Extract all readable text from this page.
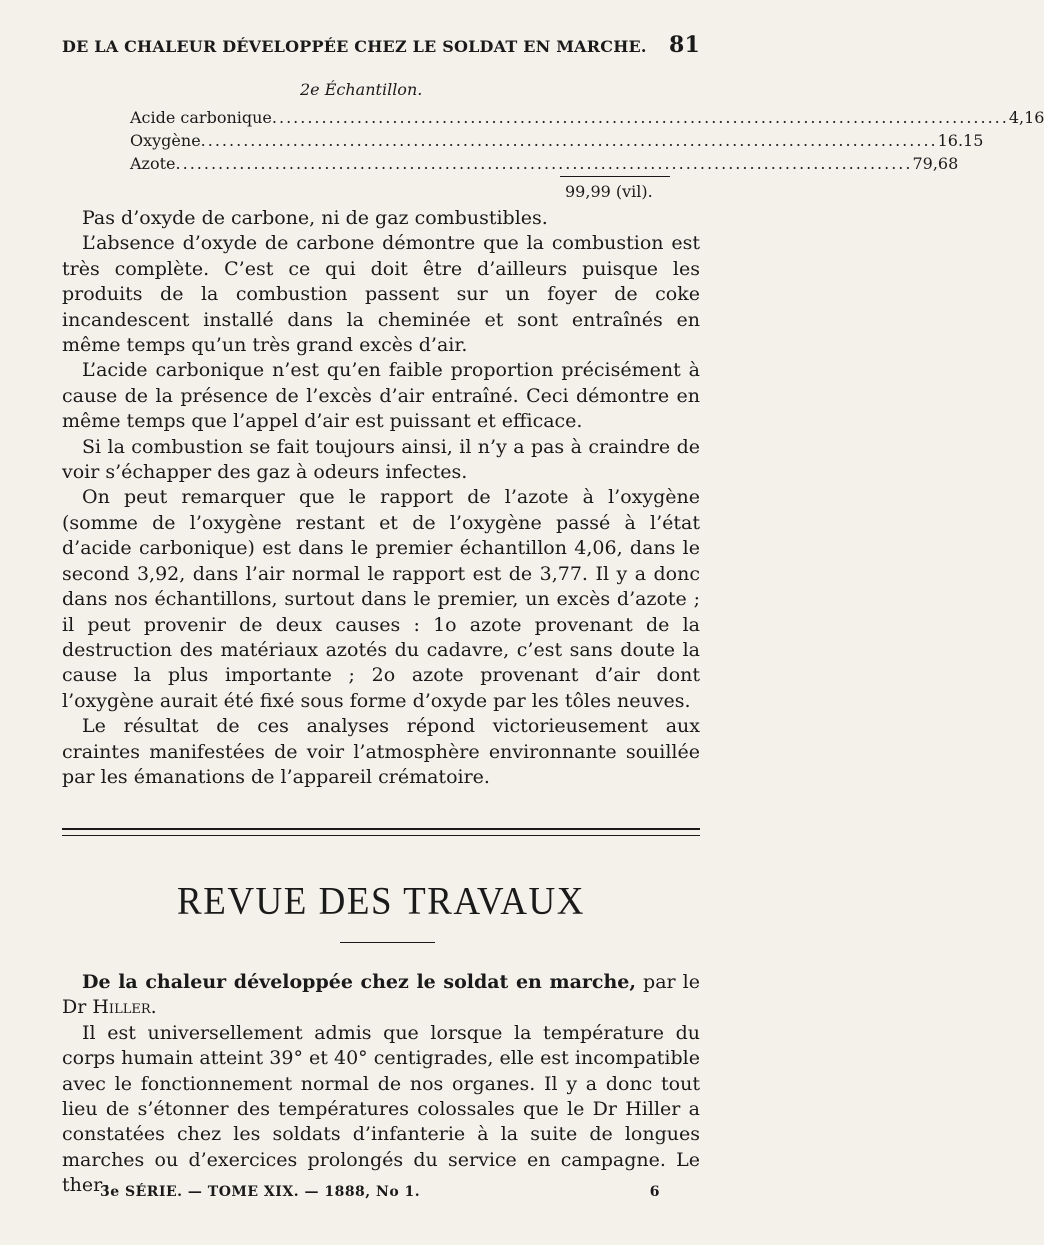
DE LA CHALEUR DÉVELOPPÉE CHEZ LE SOLDAT EN MARCHE. 81
2e Échantillon.
Acide carbonique ........................................................................................................ 4,16
Oxygène ........................................................................................................ 16.15
Azote ........................................................................................................ 79,68
99,99 (vil).

Pas d’oxyde de carbone, ni de gaz combustibles.

L’absence d’oxyde de carbone démontre que la combustion est très complète. C’est ce qui doit être d’ailleurs puisque les produits de la combustion passent sur un foyer de coke incandescent installé dans la cheminée et sont entraînés en même temps qu’un très grand excès d’air.

L’acide carbonique n’est qu’en faible proportion précisément à cause de la présence de l’excès d’air entraîné. Ceci démontre en même temps que l’appel d’air est puissant et efficace.

Si la combustion se fait toujours ainsi, il n’y a pas à craindre de voir s’échapper des gaz à odeurs infectes.

On peut remarquer que le rapport de l’azote à l’oxygène (somme de l’oxygène restant et de l’oxygène passé à l’état d’acide carbonique) est dans le premier échantillon 4,06, dans le second 3,92, dans l’air normal le rapport est de 3,77. Il y a donc dans nos échantillons, surtout dans le premier, un excès d’azote ; il peut provenir de deux causes : 1o azote provenant de la destruction des matériaux azotés du cadavre, c’est sans doute la cause la plus importante ; 2o azote provenant d’air dont l’oxygène aurait été fixé sous forme d’oxyde par les tôles neuves.

Le résultat de ces analyses répond victorieusement aux craintes manifestées de voir l’atmosphère environnante souillée par les émanations de l’appareil crématoire.

REVUE DES TRAVAUX

De la chaleur développée chez le soldat en marche, par le Dr Hiller.

Il est universellement admis que lorsque la température du corps humain atteint 39° et 40° centigrades, elle est incompatible avec le fonctionnement normal de nos organes. Il y a donc tout lieu de s’étonner des températures colossales que le Dr Hiller a constatées chez les soldats d’infanterie à la suite de longues marches ou d’exercices prolongés du service en campagne. Le ther-

3e SÉRIE. — TOME XIX. — 1888, No 1.	6
